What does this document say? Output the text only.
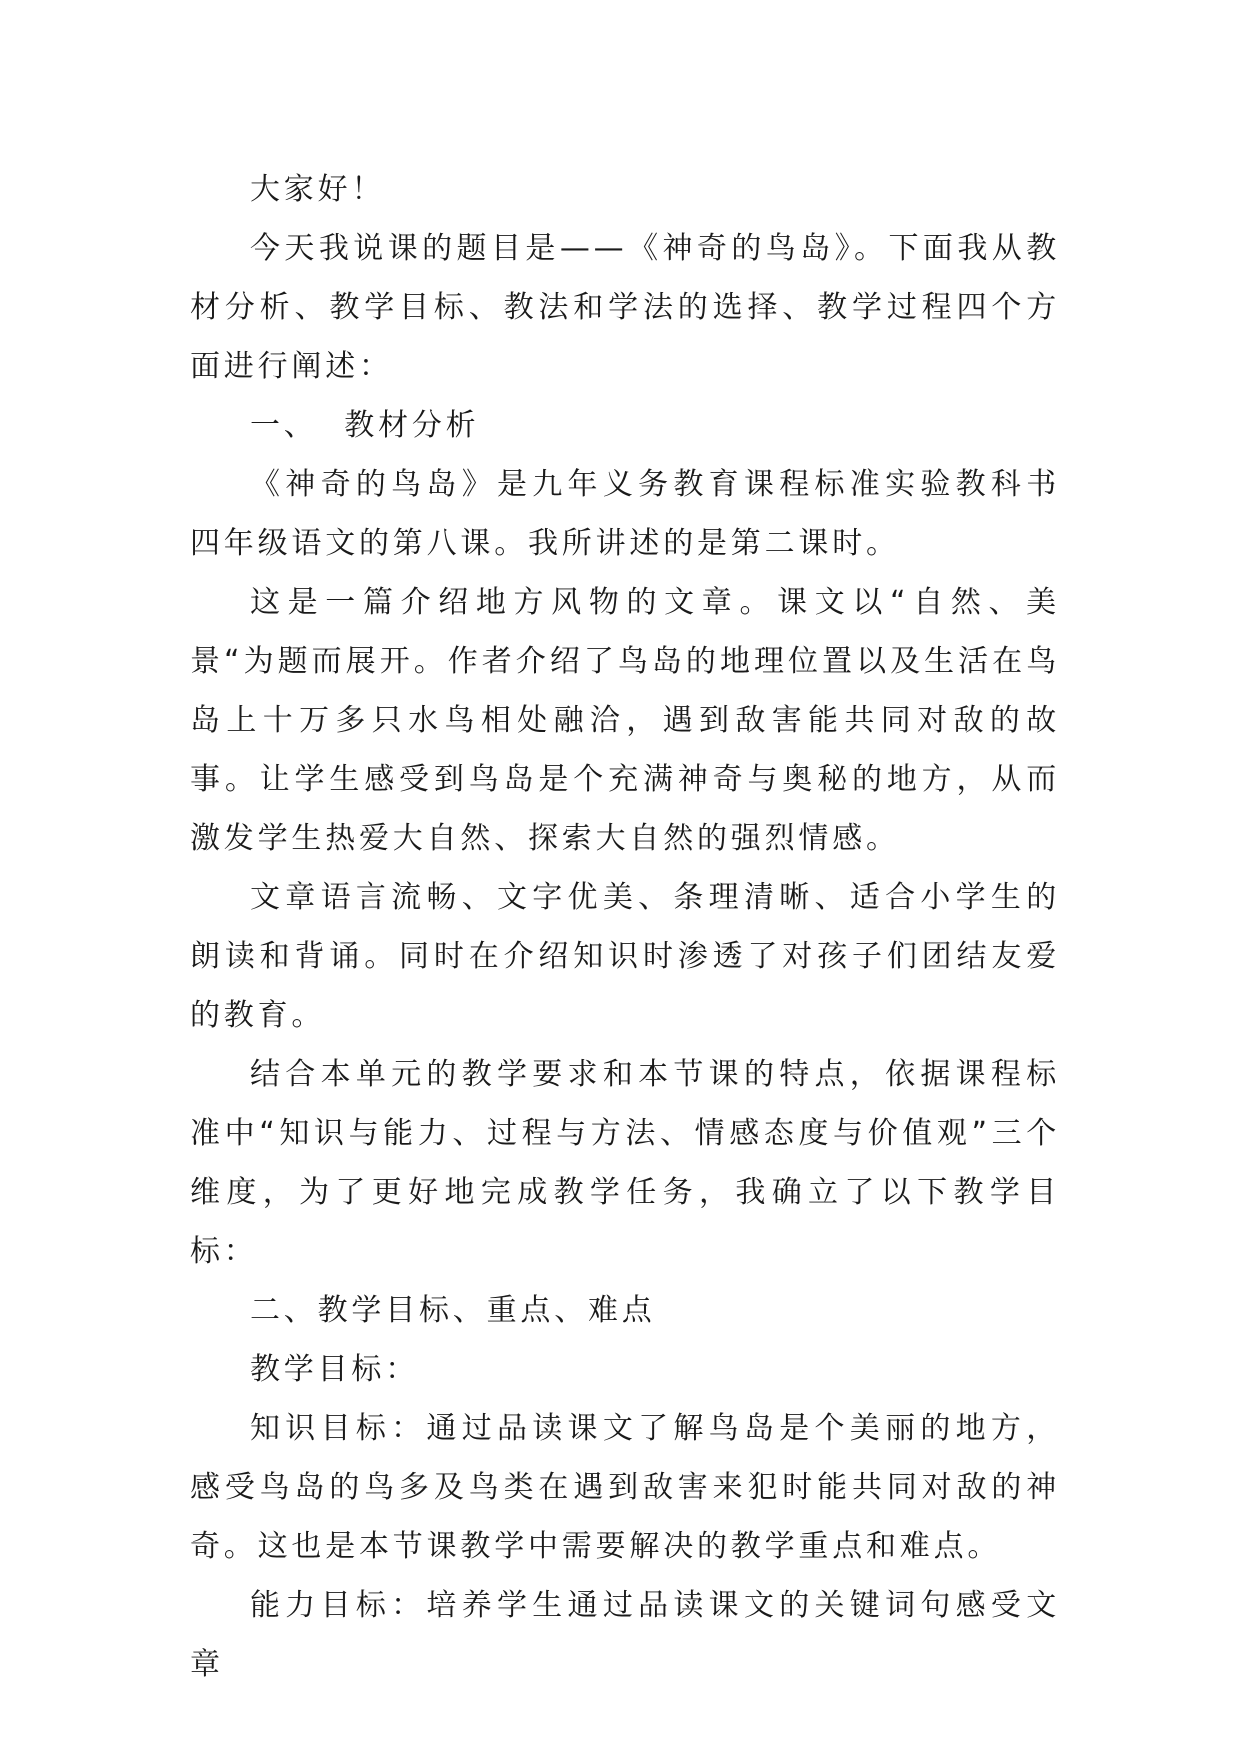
大家好！

今天我说课的题目是——《神奇的鸟岛》。下面我从教材分析、教学目标、教法和学法的选择、教学过程四个方面进行阐述：

一、  教材分析

《神奇的鸟岛》是九年义务教育课程标准实验教科书四年级语文的第八课。我所讲述的是第二课时。

这是一篇介绍地方风物的文章。课文以“自然、美景“为题而展开。作者介绍了鸟岛的地理位置以及生活在鸟岛上十万多只水鸟相处融洽，遇到敌害能共同对敌的故事。让学生感受到鸟岛是个充满神奇与奥秘的地方，从而激发学生热爱大自然、探索大自然的强烈情感。

文章语言流畅、文字优美、条理清晰、适合小学生的朗读和背诵。同时在介绍知识时渗透了对孩子们团结友爱的教育。

结合本单元的教学要求和本节课的特点，依据课程标准中“知识与能力、过程与方法、情感态度与价值观”三个维度，为了更好地完成教学任务，我确立了以下教学目标：

二、教学目标、重点、难点

教学目标：

知识目标：通过品读课文了解鸟岛是个美丽的地方，感受鸟岛的鸟多及鸟类在遇到敌害来犯时能共同对敌的神奇。这也是本节课教学中需要解决的教学重点和难点。

能力目标：培养学生通过品读课文的关键词句感受文章
